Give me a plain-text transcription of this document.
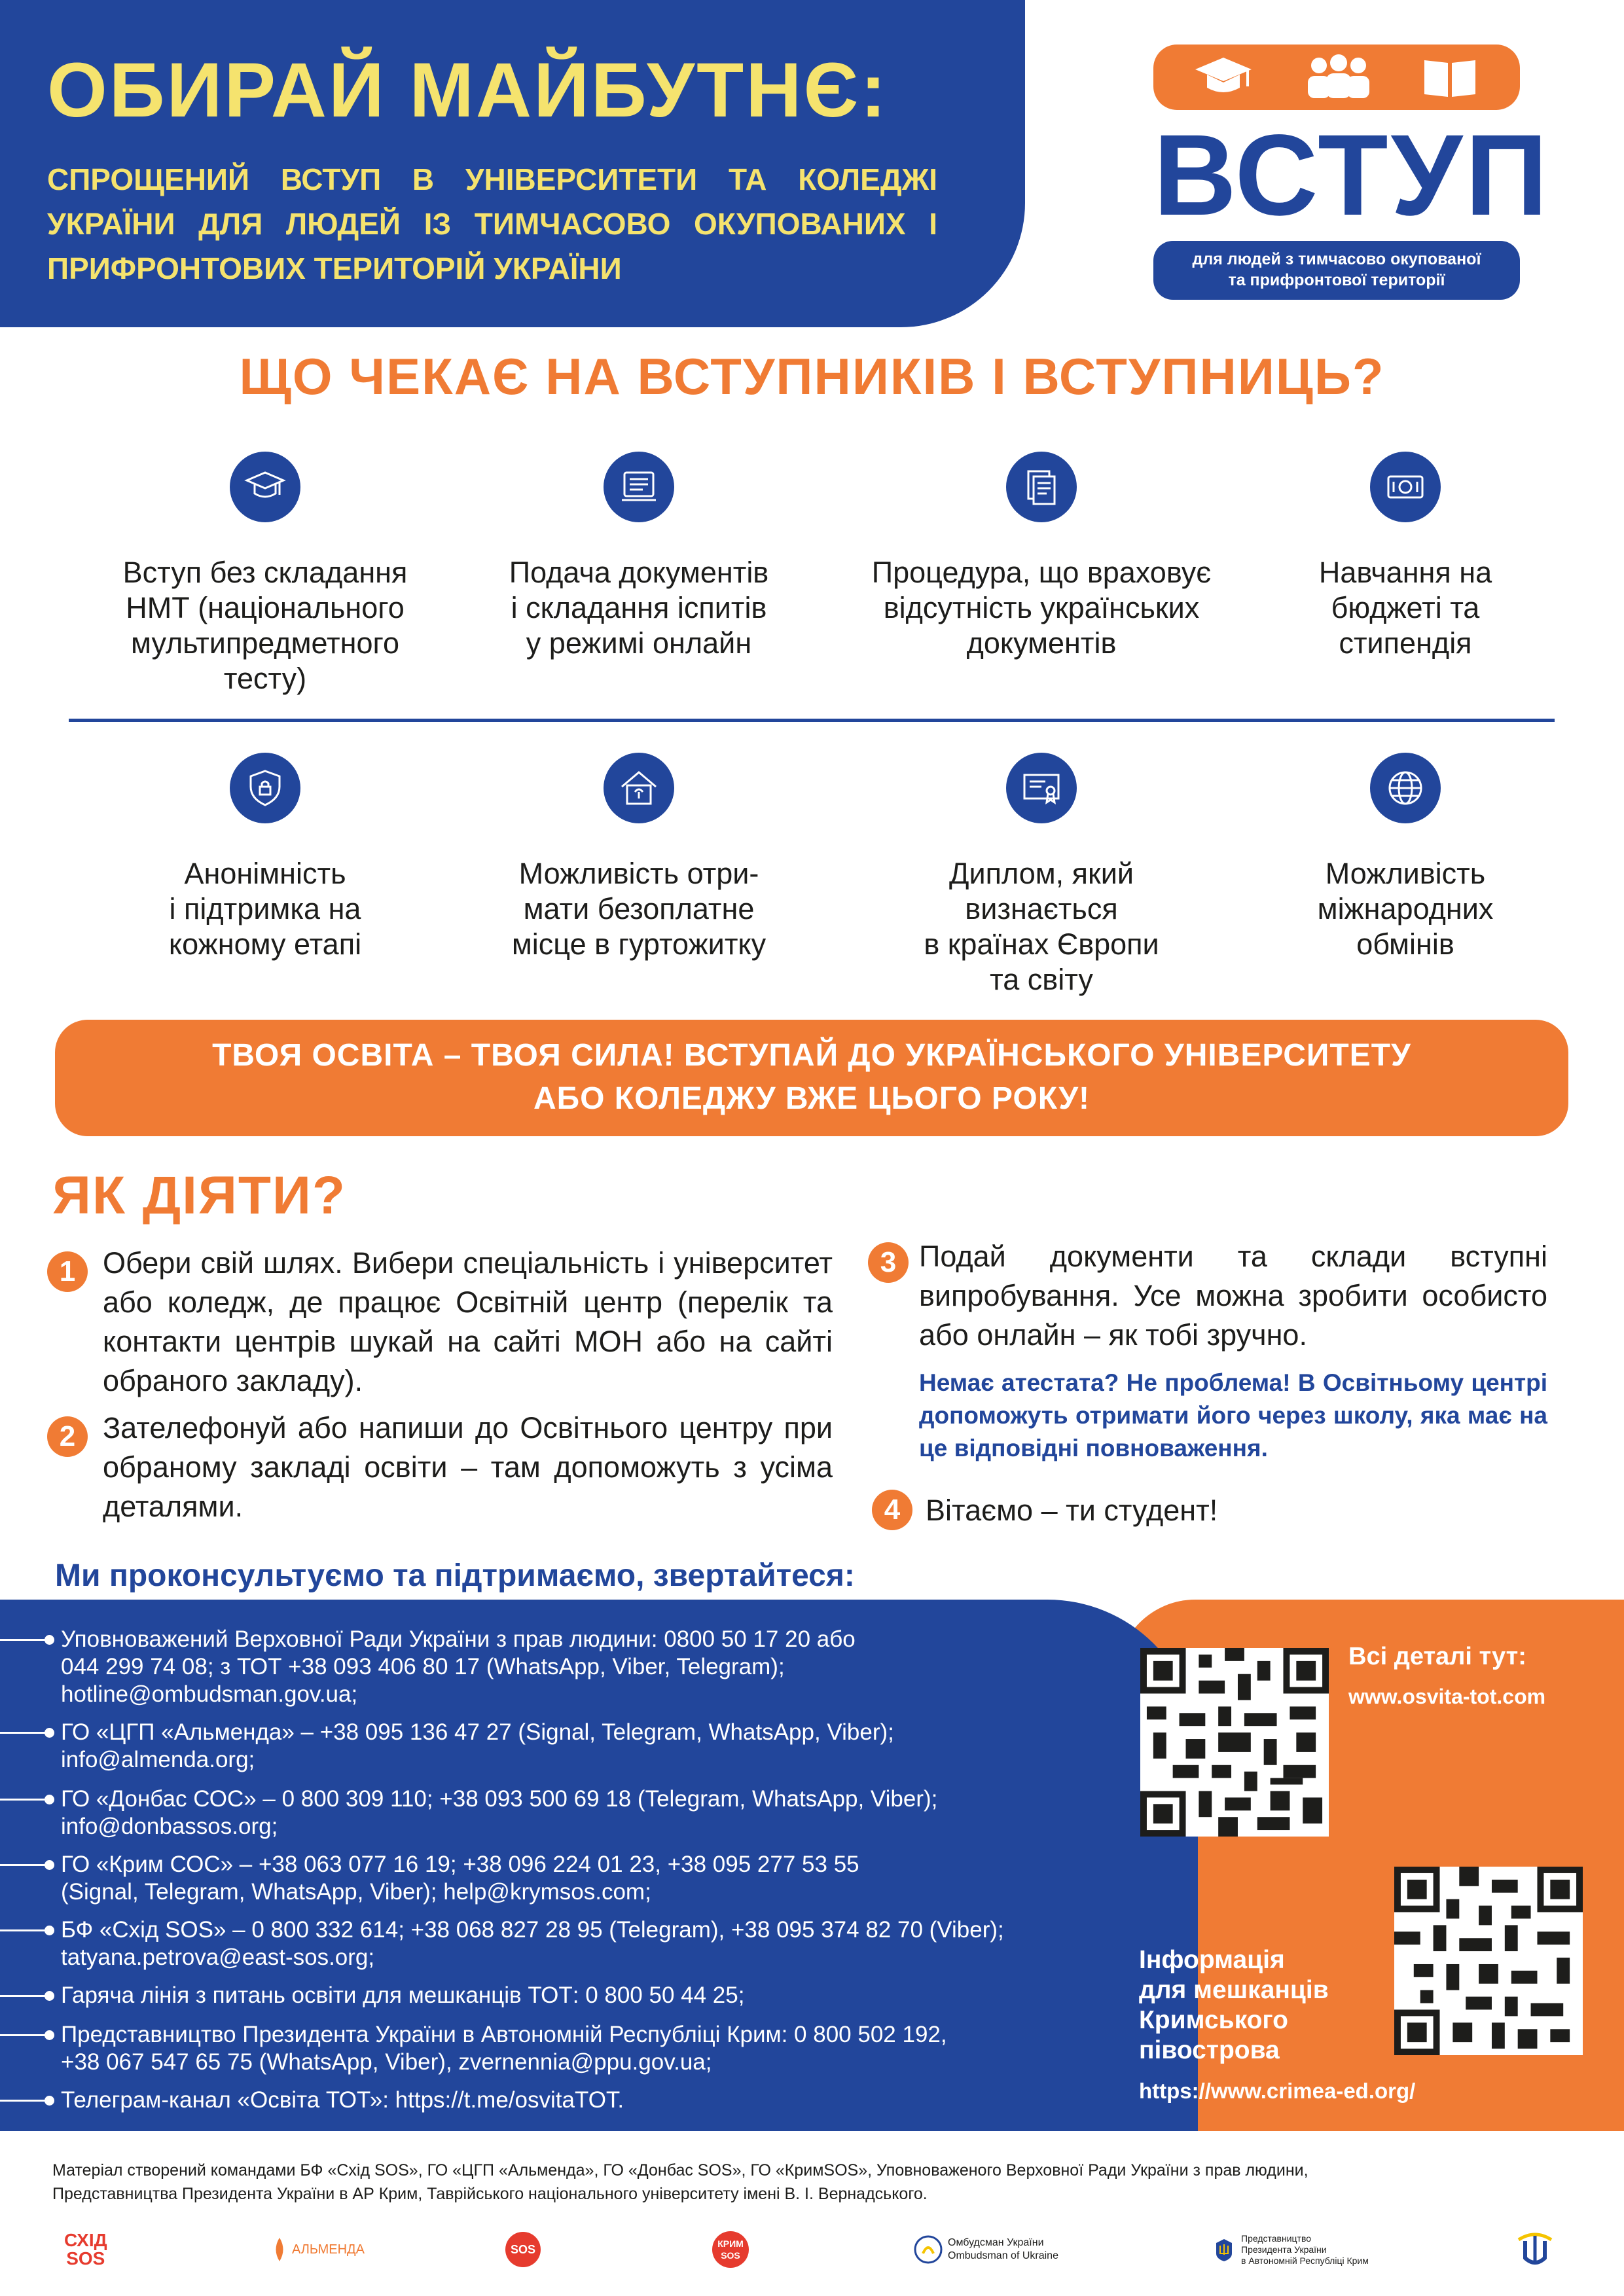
ОБИРАЙ МАЙБУТНЄ:
СПРОЩЕНИЙ ВСТУП В УНІВЕРСИТЕТИ ТА КОЛЕДЖІ УКРАЇНИ ДЛЯ ЛЮДЕЙ ІЗ ТИМЧАСОВО ОКУПОВАНИХ І ПРИФРОНТОВИХ ТЕРИТОРІЙ УКРАЇНИ
ВСТУП
для людей з тимчасово окупованої
та прифронтової території
ЩО ЧЕКАЄ НА ВСТУПНИКІВ І ВСТУПНИЦЬ?
Вступ без складання
НМТ (національного
мультипредметного
тесту)
Подача документів
і складання іспитів
у режимі онлайн
Процедура, що враховує
відсутність українських
документів
Навчання на
бюджеті та
стипендія
Анонімність
і підтримка на
кожному етапі
Можливість отри-
мати безоплатне
місце в гуртожитку
Диплом, який
визнається
в країнах Європи
та світу
Можливість
міжнародних
обмінів
ТВОЯ ОСВІТА – ТВОЯ СИЛА! ВСТУПАЙ ДО УКРАЇНСЬКОГО УНІВЕРСИТЕТУ
АБО КОЛЕДЖУ ВЖЕ ЦЬОГО РОКУ!
ЯК ДІЯТИ?
1 Обери свій шлях. Вибери спеціальність і університет або коледж, де працює Освітній центр (перелік та контакти центрів шукай на сайті МОН або на сайті обраного закладу).
2 Зателефонуй або напиши до Освітнього центру при обраному закладі освіти – там допоможуть з усіма деталями.
3 Подай документи та склади вступні випробування. Усе можна зробити особисто або онлайн – як тобі зручно.
Немає атестата? Не проблема! В Освітньому центрі допоможуть отримати його через школу, яка має на це відповідні повноваження.
4 Вітаємо – ти студент!
Ми проконсультуємо та підтримаємо, звертайтеся:
Уповноважений Верховної Ради України з прав людини: 0800 50 17 20 або
044 299 74 08; з ТОТ +38 093 406 80 17 (WhatsApp, Viber, Telegram);
hotline@ombudsman.gov.ua;
ГО «ЦГП «Альменда» – +38 095 136 47 27 (Signal, Telegram, WhatsApp, Viber);
info@almenda.org;
ГО «Донбас СОС» – 0 800 309 110; +38 093 500 69 18 (Telegram, WhatsApp, Viber);
info@donbassos.org;
ГО «Крим СОС» – +38 063 077 16 19; +38 096 224 01 23, +38 095 277 53 55
(Signal, Telegram, WhatsApp, Viber); help@krymsos.com;
БФ «Схід SOS» – 0 800 332 614; +38 068 827 28 95 (Telegram), +38 095 374 82 70 (Viber);
tatyana.petrova@east-sos.org;
Гаряча лінія з питань освіти для мешканців ТОТ: 0 800 50 44 25;
Представництво Президента України в Автономній Республіці Крим: 0 800 502 192,
+38 067 547 65 75 (WhatsApp, Viber), zvernennia@ppu.gov.ua;
Телеграм-канал «Освіта ТОТ»: https://t.me/osvitaTOT.
Всі деталі тут:
www.osvita-tot.com
Інформація
для мешканців
Кримського
півострова
https://www.crimea-ed.org/
Матеріал створений командами БФ «Схід SOS», ГО «ЦГП «Альменда», ГО «Донбас SOS», ГО «КримSOS», Уповноваженого Верховної Ради України з прав людини,
Представництва Президента України в АР Крим, Таврійського національного університету імені В. І. Вернадського.
СХІД
SOS	АЛЬМЕНДА	SOS	КРИМ
SOS
Омбудсман України
Ombudsman of Ukraine
Представництво
Президента України
в Автономній Республіці Крим
